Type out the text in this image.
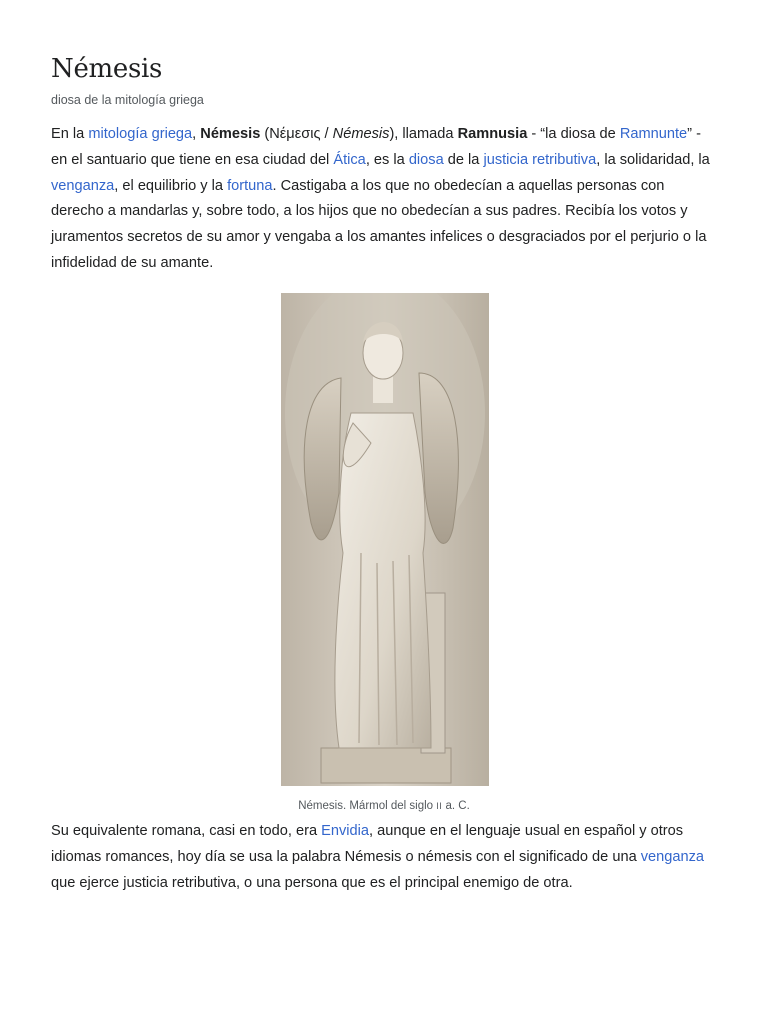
Némesis

diosa de la mitología griega

En la mitología griega, Némesis (Νέμεσις / Némesis), llamada Ramnusia - “la diosa de Ramnunte” - en el santuario que tiene en esa ciudad del Ática, es la diosa de la justicia retributiva, la solidaridad, la venganza, el equilibrio y la fortuna. Castigaba a los que no obedecían a aquellas personas con derecho a mandarlas y, sobre todo, a los hijos que no obedecían a sus padres. Recibía los votos y juramentos secretos de su amor y vengaba a los amantes infelices o desgraciados por el perjurio o la infidelidad de su amante.

Némesis. Mármol del siglo II a. C.

Su equivalente romana, casi en todo, era Envidia, aunque en el lenguaje usual en español y otros idiomas romances, hoy día se usa la palabra Némesis o némesis con el significado de una venganza que ejerce justicia retributiva, o una persona que es el principal enemigo de otra.
